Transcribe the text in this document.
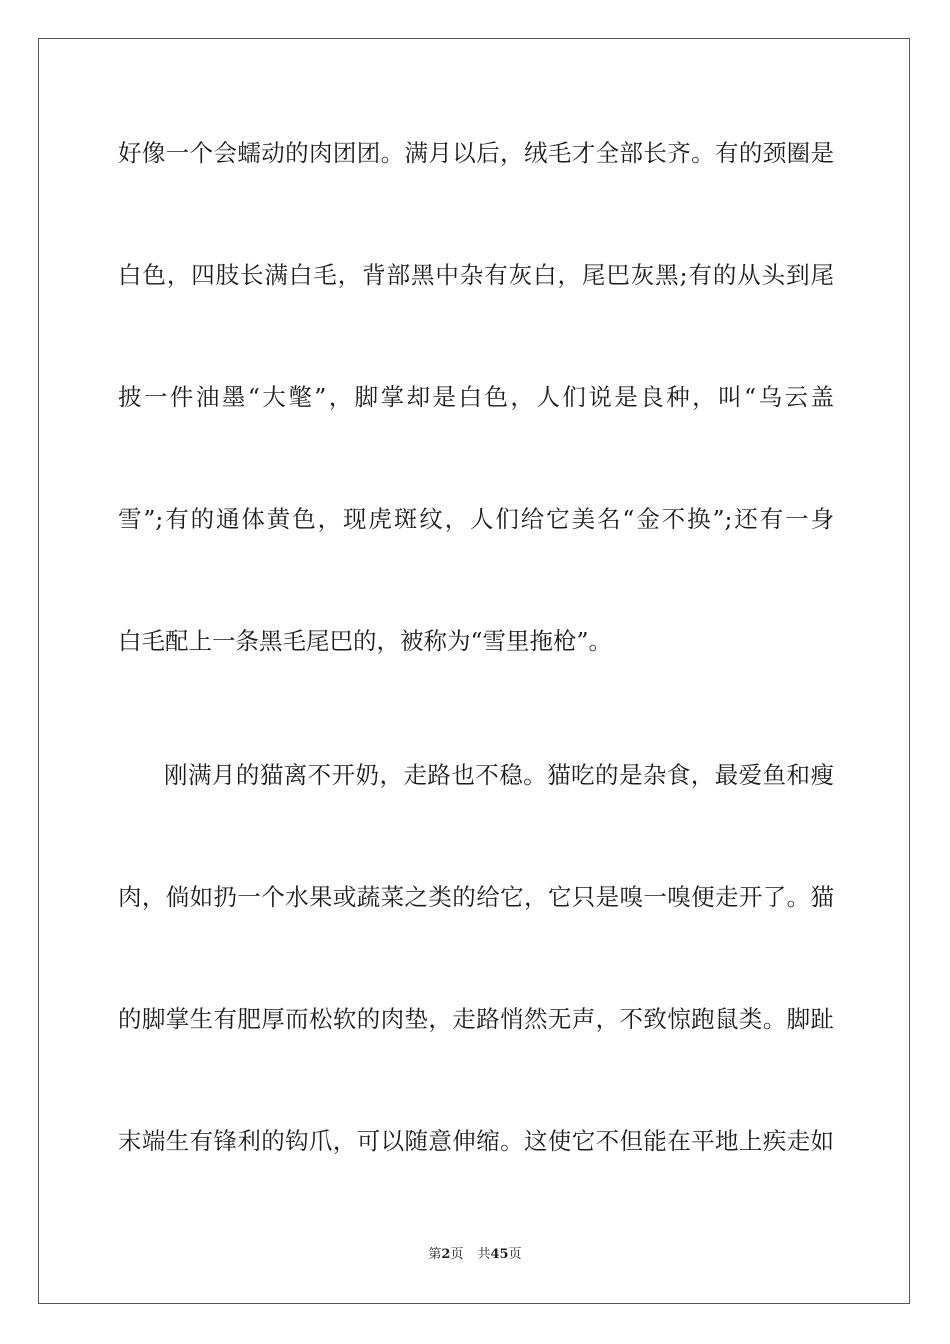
好像一个会蠕动的肉团团。满月以后，绒毛才全部长齐。有的颈圈是
白色，四肢长满白毛，背部黑中杂有灰白，尾巴灰黑;有的从头到尾
披一件油墨“大氅”，脚掌却是白色，人们说是良种，叫“乌云盖
雪”;有的通体黄色，现虎斑纹，人们给它美名“金不换”;还有一身
白毛配上一条黑毛尾巴的，被称为“雪里拖枪”。
刚满月的猫离不开奶，走路也不稳。猫吃的是杂食，最爱鱼和瘦
肉，倘如扔一个水果或蔬菜之类的给它，它只是嗅一嗅便走开了。猫
的脚掌生有肥厚而松软的肉垫，走路悄然无声，不致惊跑鼠类。脚趾
末端生有锋利的钩爪，可以随意伸缩。这使它不但能在平地上疾走如
第2页 共45页
